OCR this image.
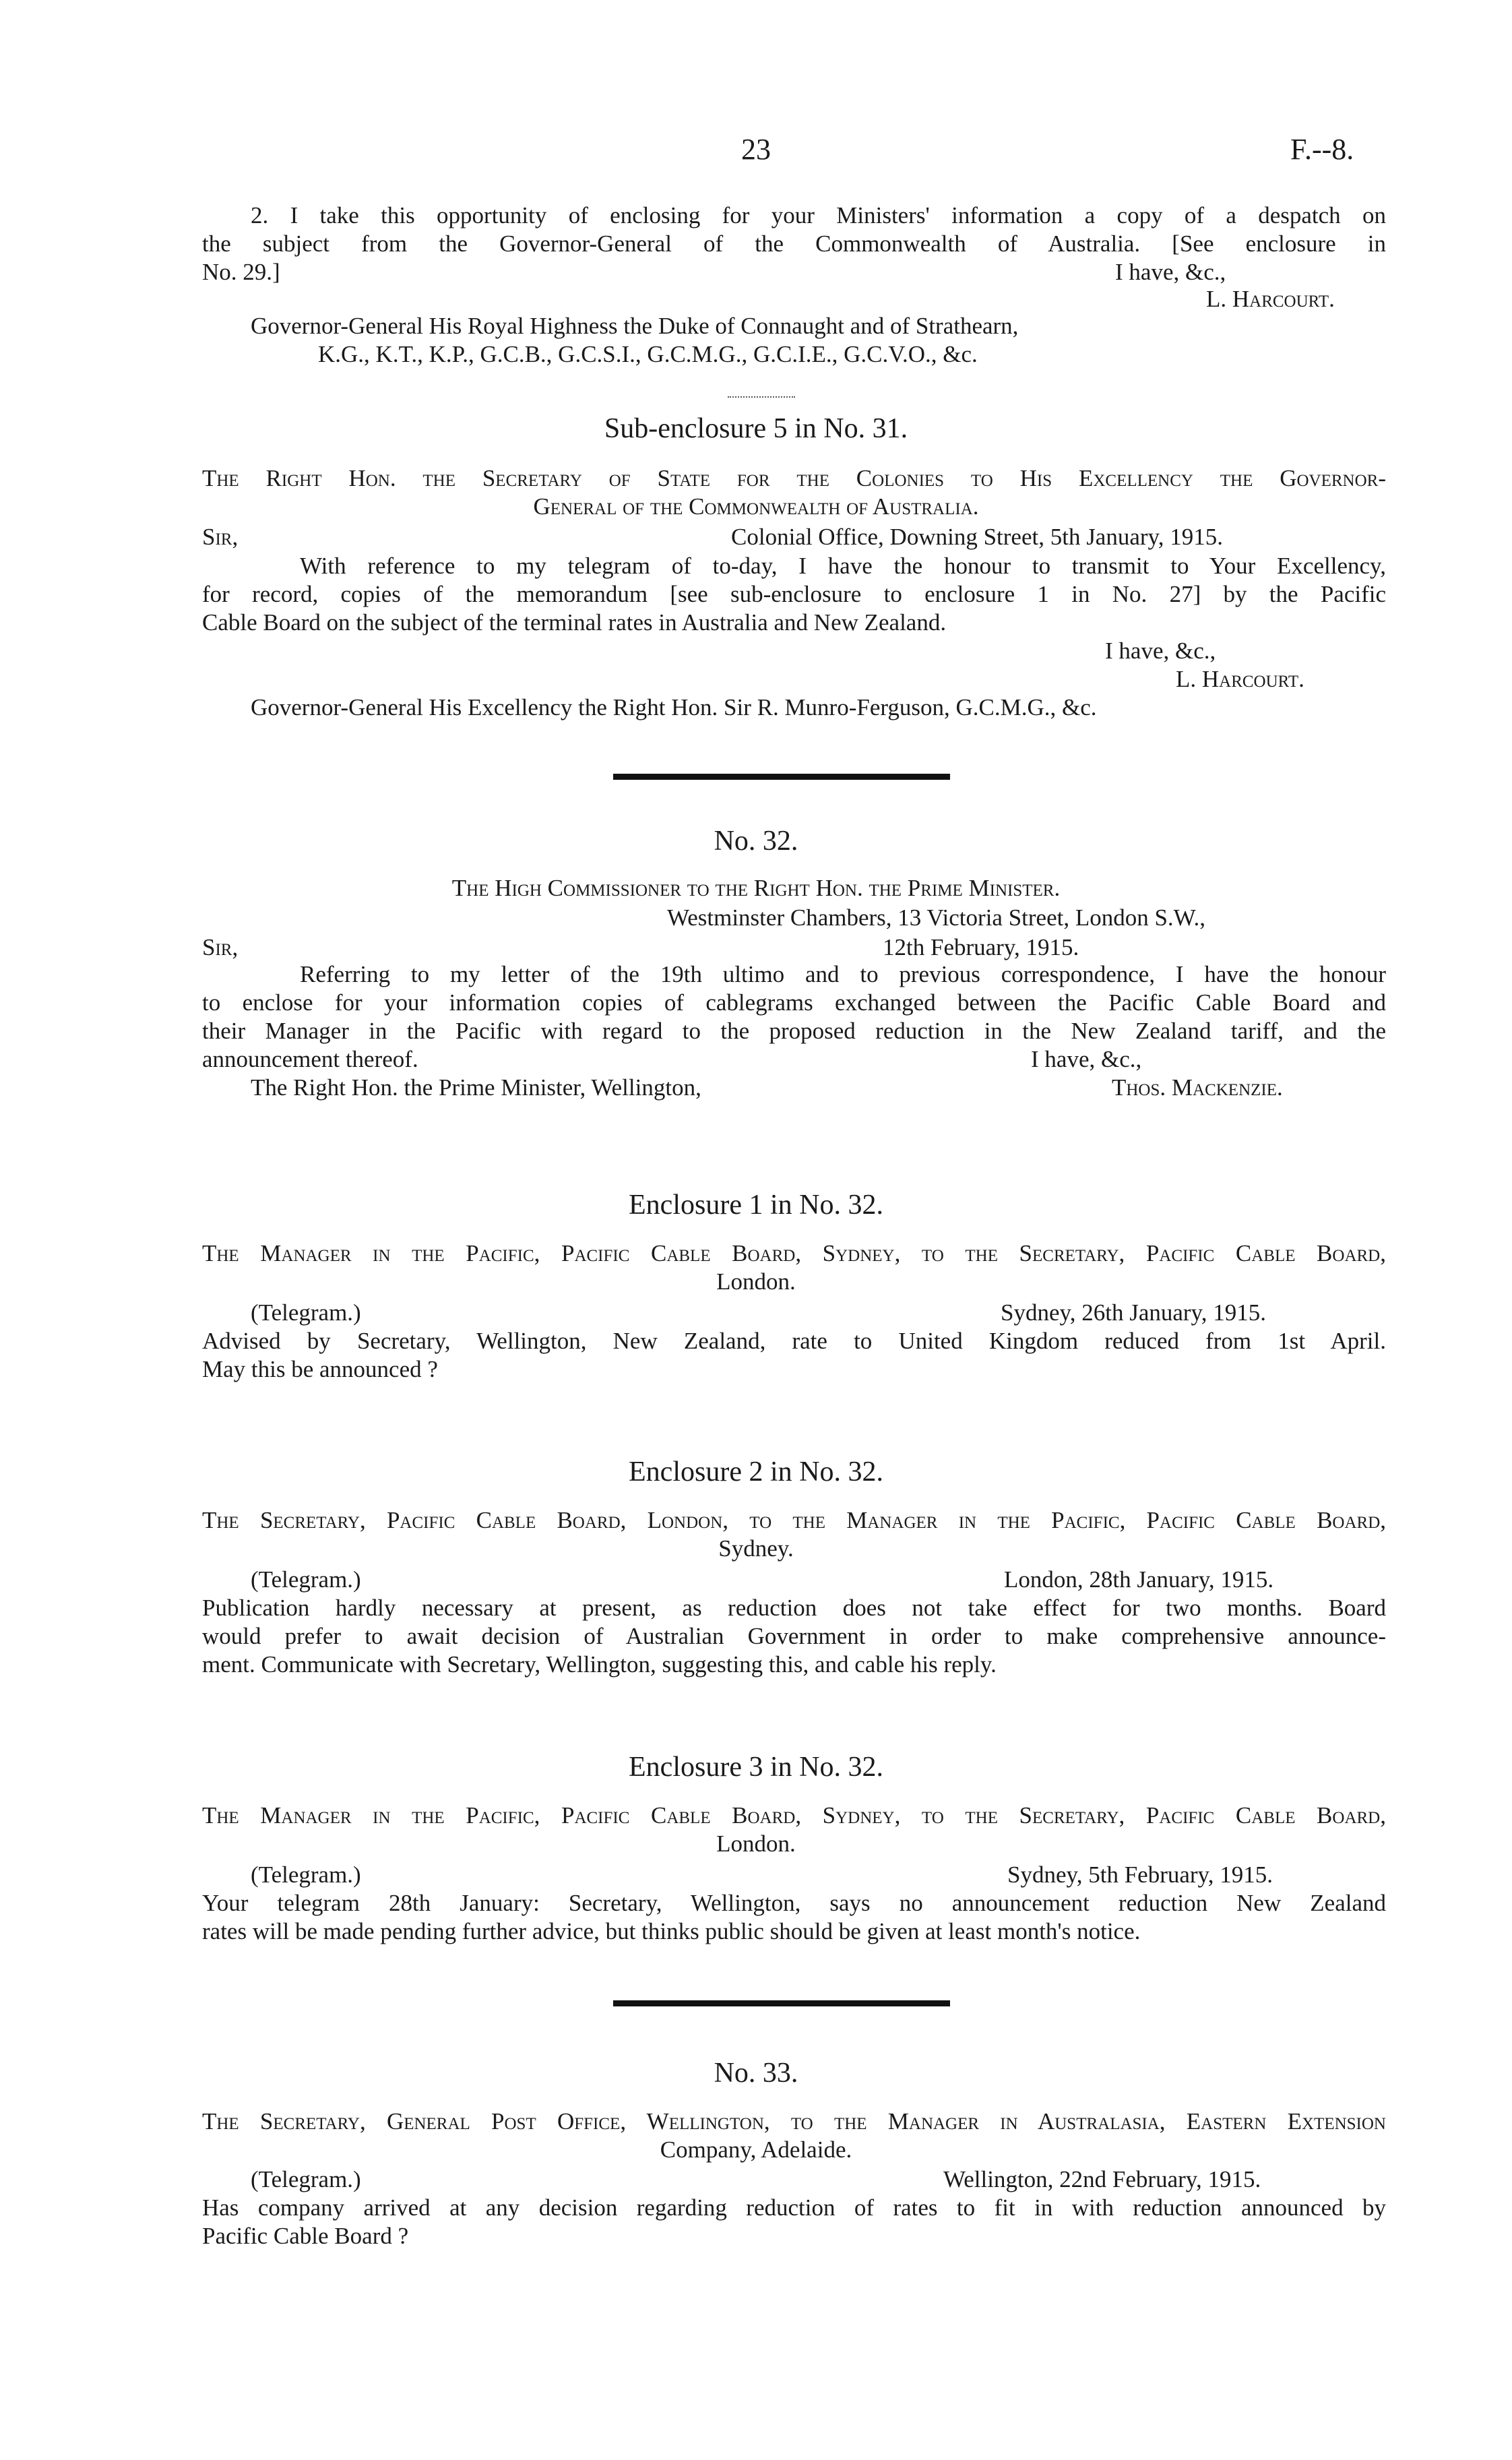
23	F.--8.
2. I take this opportunity of enclosing for your Ministers' information a copy of a despatch on
the subject from the Governor-General of the Commonwealth of Australia. [See enclosure in
No. 29.]	I have, &c.,
L. Harcourt.
Governor-General His Royal Highness the Duke of Connaught and of Strathearn,
K.G., K.T., K.P., G.C.B., G.C.S.I., G.C.M.G., G.C.I.E., G.C.V.O., &c.
Sub-enclosure 5 in No. 31.
The Right Hon. the Secretary of State for the Colonies to His Excellency the Governor-
General of the Commonwealth of Australia.
Sir,	Colonial Office, Downing Street, 5th January, 1915.
With reference to my telegram of to-day, I have the honour to transmit to Your Excellency,
for record, copies of the memorandum [see sub-enclosure to enclosure 1 in No. 27] by the Pacific
Cable Board on the subject of the terminal rates in Australia and New Zealand.
I have, &c.,
L. Harcourt.
Governor-General His Excellency the Right Hon. Sir R. Munro-Ferguson, G.C.M.G., &c.
No. 32.
The High Commissioner to the Right Hon. the Prime Minister.
Westminster Chambers, 13 Victoria Street, London S.W.,
Sir,	12th February, 1915.
Referring to my letter of the 19th ultimo and to previous correspondence, I have the honour
to enclose for your information copies of cablegrams exchanged between the Pacific Cable Board and
their Manager in the Pacific with regard to the proposed reduction in the New Zealand tariff, and the
announcement thereof.	I have, &c.,
The Right Hon. the Prime Minister, Wellington,	Thos. Mackenzie.
Enclosure 1 in No. 32.
The Manager in the Pacific, Pacific Cable Board, Sydney, to the Secretary, Pacific Cable Board,
London.
(Telegram.)	Sydney, 26th January, 1915.
Advised by Secretary, Wellington, New Zealand, rate to United Kingdom reduced from 1st April.
May this be announced ?
Enclosure 2 in No. 32.
The Secretary, Pacific Cable Board, London, to the Manager in the Pacific, Pacific Cable Board,
Sydney.
(Telegram.)	London, 28th January, 1915.
Publication hardly necessary at present, as reduction does not take effect for two months. Board
would prefer to await decision of Australian Government in order to make comprehensive announce-
ment. Communicate with Secretary, Wellington, suggesting this, and cable his reply.
Enclosure 3 in No. 32.
The Manager in the Pacific, Pacific Cable Board, Sydney, to the Secretary, Pacific Cable Board,
London.
(Telegram.)	Sydney, 5th February, 1915.
Your telegram 28th January: Secretary, Wellington, says no announcement reduction New Zealand
rates will be made pending further advice, but thinks public should be given at least month's notice.
No. 33.
The Secretary, General Post Office, Wellington, to the Manager in Australasia, Eastern Extension
Company, Adelaide.
(Telegram.)	Wellington, 22nd February, 1915.
Has company arrived at any decision regarding reduction of rates to fit in with reduction announced by
Pacific Cable Board ?
